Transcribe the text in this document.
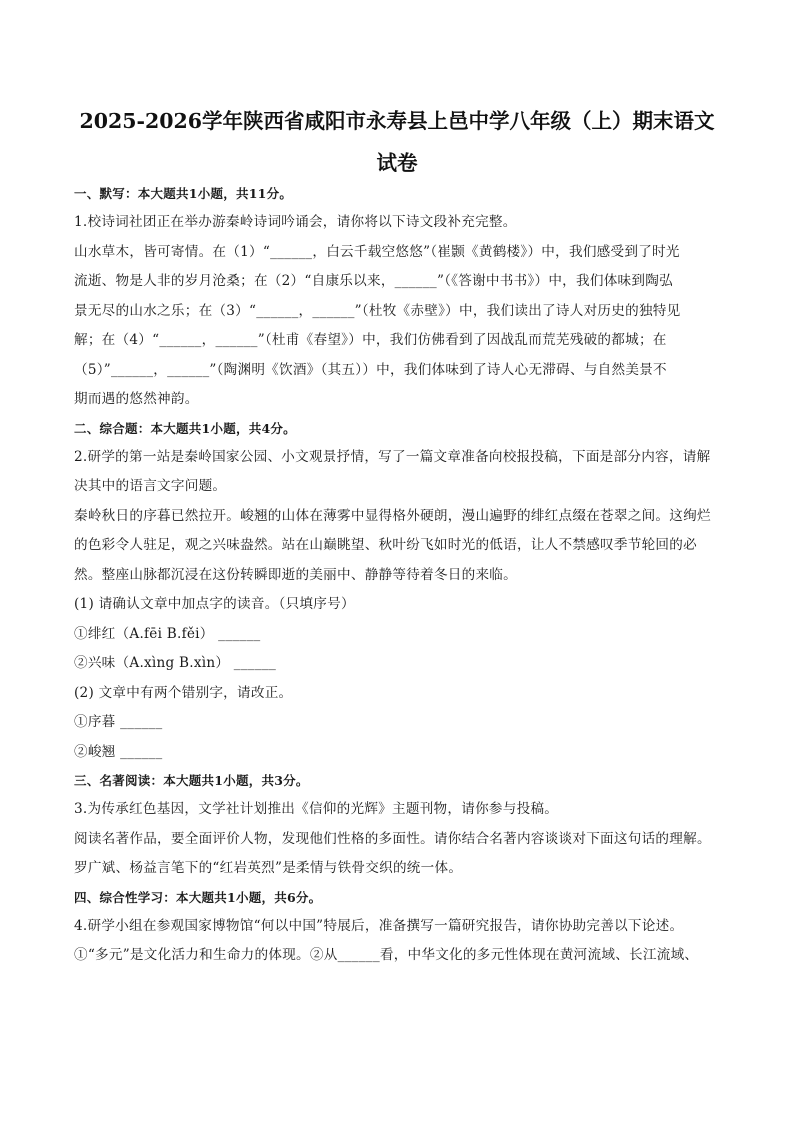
2025-2026学年陕西省咸阳市永寿县上邑中学八年级（上）期末语文
试卷
一、默写：本大题共1小题，共11分。
1.校诗词社团正在举办游秦岭诗词吟诵会，请你将以下诗文段补充完整。
山水草木，皆可寄情。在（1）“______，白云千载空悠悠”（崔颢《黄鹤楼》）中，我们感受到了时光
流逝、物是人非的岁月沧桑；在（2）“自康乐以来，______”（《答谢中书书》）中，我们体味到陶弘
景无尽的山水之乐；在（3）“______，______”（杜牧《赤壁》）中，我们读出了诗人对历史的独特见
解；在（4）“______，______”（杜甫《春望》）中，我们仿佛看到了因战乱而荒芜残破的都城；在
（5）”______，______”（陶渊明《饮酒》（其五））中，我们体味到了诗人心无滞碍、与自然美景不
期而遇的悠然神韵。
二、综合题：本大题共1小题，共4分。
2.研学的第一站是秦岭国家公园、小文观景抒情，写了一篇文章准备向校报投稿，下面是部分内容，请解
决其中的语言文字问题。
秦岭秋日的序暮已然拉开。峻翘的山体在薄雾中显得格外硬朗，漫山遍野的绯红点缀在苍翠之间。这绚烂
的色彩令人驻足，观之兴味盎然。站在山巅眺望、秋叶纷飞如时光的低语，让人不禁感叹季节轮回的必
然。整座山脉都沉浸在这份转瞬即逝的美丽中、静静等待着冬日的来临。
(1) 请确认文章中加点字的读音。（只填序号）
①绯红（A.fēi B.fěi） ______
②兴味（A.xìng B.xìn） ______
(2) 文章中有两个错别字，请改正。
①序暮 ______
②峻翘 ______
三、名著阅读：本大题共1小题，共3分。
3.为传承红色基因，文学社计划推出《信仰的光辉》主题刊物，请你参与投稿。
阅读名著作品，要全面评价人物，发现他们性格的多面性。请你结合名著内容谈谈对下面这句话的理解。
罗广斌、杨益言笔下的“红岩英烈”是柔情与铁骨交织的统一体。
四、综合性学习：本大题共1小题，共6分。
4.研学小组在参观国家博物馆“何以中国”特展后，准备撰写一篇研究报告，请你协助完善以下论述。
①“多元”是文化活力和生命力的体现。②从______看，中华文化的多元性体现在黄河流域、长江流域、
